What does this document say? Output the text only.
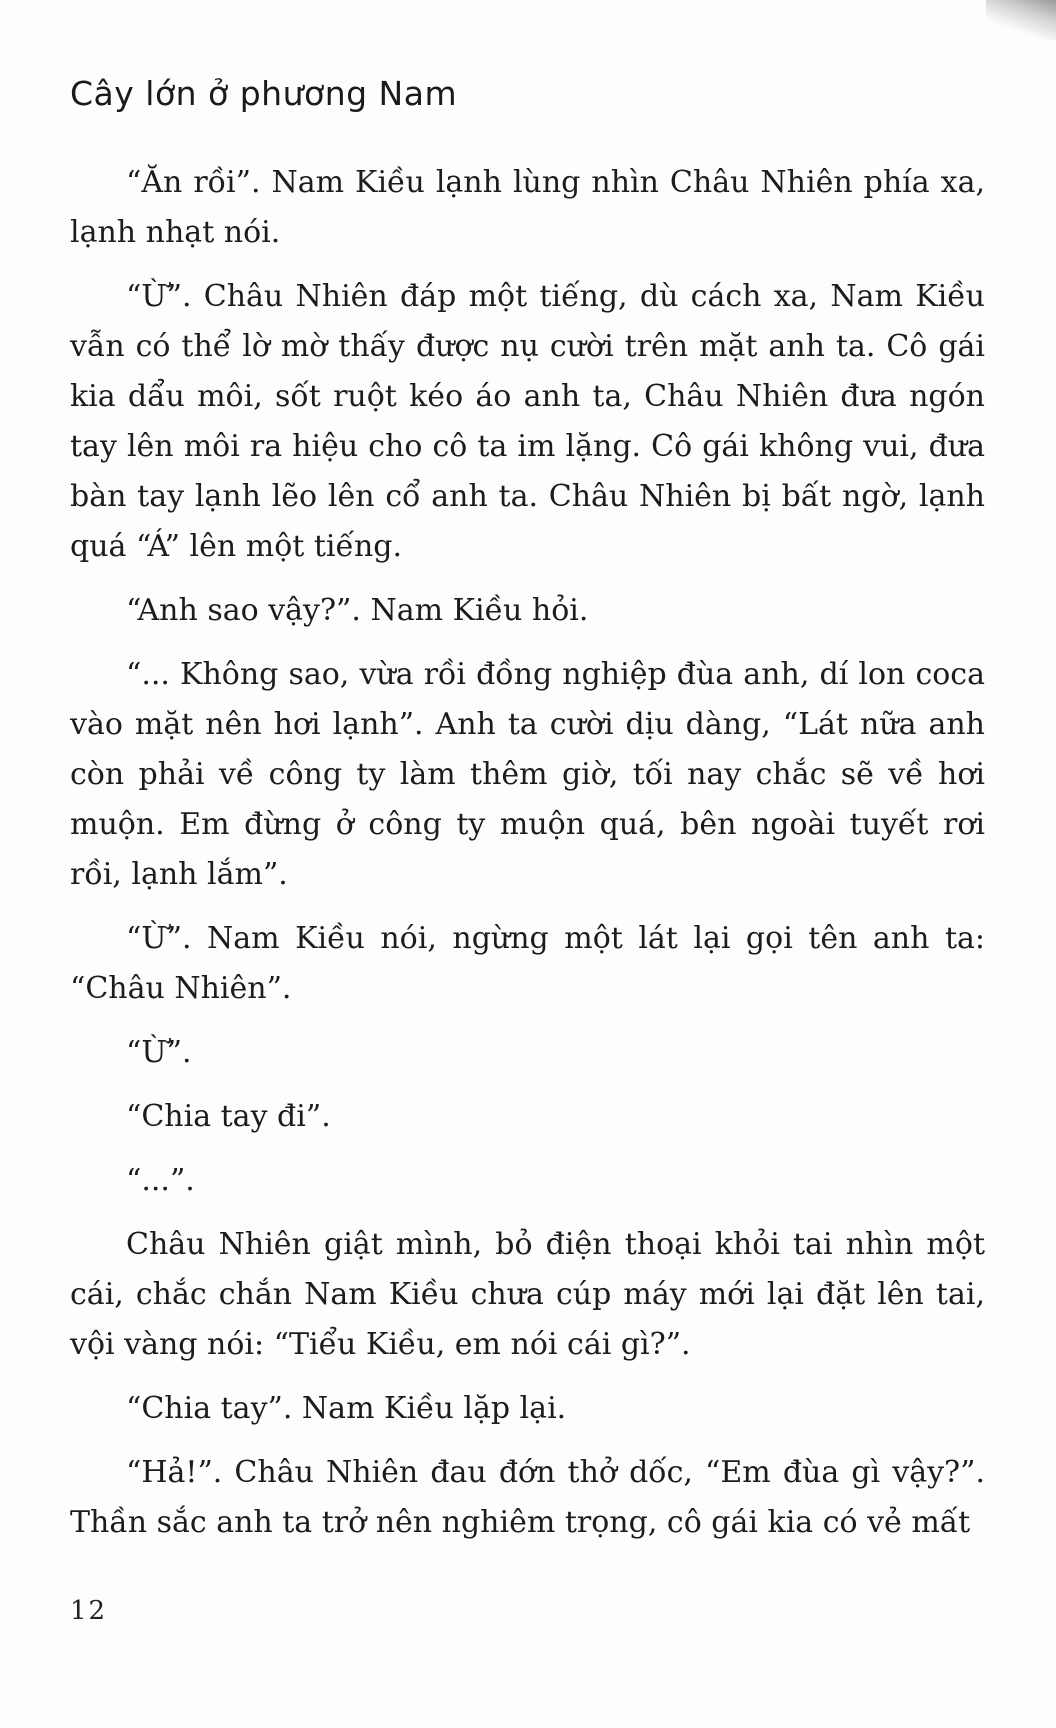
Cây lớn ở phương Nam

“Ăn rồi”. Nam Kiều lạnh lùng nhìn Châu Nhiên phía xa, lạnh nhạt nói.

“Ừ”. Châu Nhiên đáp một tiếng, dù cách xa, Nam Kiều vẫn có thể lờ mờ thấy được nụ cười trên mặt anh ta. Cô gái kia dẩu môi, sốt ruột kéo áo anh ta, Châu Nhiên đưa ngón tay lên môi ra hiệu cho cô ta im lặng. Cô gái không vui, đưa bàn tay lạnh lẽo lên cổ anh ta. Châu Nhiên bị bất ngờ, lạnh quá “Á” lên một tiếng.

“Anh sao vậy?”. Nam Kiều hỏi.

“... Không sao, vừa rồi đồng nghiệp đùa anh, dí lon coca vào mặt nên hơi lạnh”. Anh ta cười dịu dàng, “Lát nữa anh còn phải về công ty làm thêm giờ, tối nay chắc sẽ về hơi muộn. Em đừng ở công ty muộn quá, bên ngoài tuyết rơi rồi, lạnh lắm”.

“Ừ”. Nam Kiều nói, ngừng một lát lại gọi tên anh ta: “Châu Nhiên”.

“Ừ”.

“Chia tay đi”.

“...”.

Châu Nhiên giật mình, bỏ điện thoại khỏi tai nhìn một cái, chắc chắn Nam Kiều chưa cúp máy mới lại đặt lên tai, vội vàng nói: “Tiểu Kiều, em nói cái gì?”.

“Chia tay”. Nam Kiều lặp lại.

“Hả!”. Châu Nhiên đau đớn thở dốc, “Em đùa gì vậy?”. Thần sắc anh ta trở nên nghiêm trọng, cô gái kia có vẻ mất

12
